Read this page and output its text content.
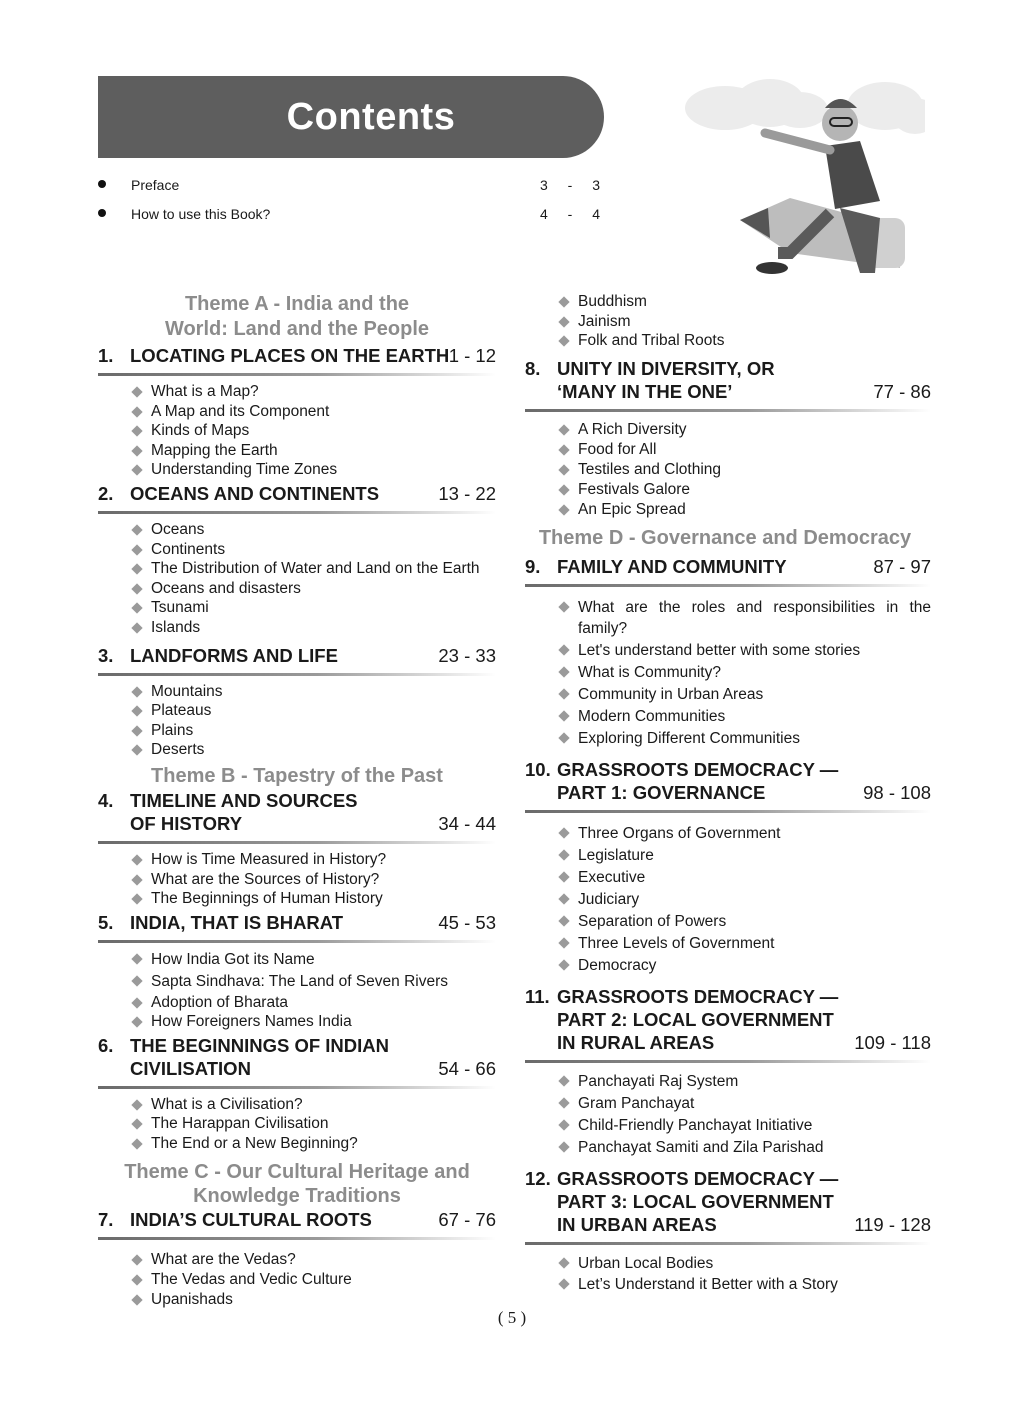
Contents
Preface	3 - 3
How to use this Book?	4 - 4
Theme A - India and the
World: Land and the People
1. LOCATING PLACES ON THE EARTH 1 - 12
What is a Map?
A Map and its Component
Kinds of Maps
Mapping the Earth
Understanding Time Zones
2. OCEANS AND CONTINENTS	13 - 22
Oceans
Continents
The Distribution of Water and Land on the Earth
Oceans and disasters
Tsunami
Islands
3. LANDFORMS AND LIFE	23 - 33
Mountains
Plateaus
Plains
Deserts
Theme B - Tapestry of the Past
4. TIMELINE AND SOURCES
OF HISTORY	34 - 44
How is Time Measured in History?
What are the Sources of History?
The Beginnings of Human History
5. INDIA, THAT IS BHARAT	45 - 53
How India Got its Name
Sapta Sindhava: The Land of Seven Rivers
Adoption of Bharata
How Foreigners Names India
6. THE BEGINNINGS OF INDIAN
CIVILISATION	54 - 66
What is a Civilisation?
The Harappan Civilisation
The End or a New Beginning?
Theme C - Our Cultural Heritage and
Knowledge Traditions
7. INDIA’S CULTURAL ROOTS	67 - 76
What are the Vedas?
The Vedas and Vedic Culture
Upanishads
Buddhism
Jainism
Folk and Tribal Roots
8. UNITY IN DIVERSITY, OR
‘MANY IN THE ONE’	77 - 86
A Rich Diversity
Food for All
Testiles and Clothing
Festivals Galore
An Epic Spread
Theme D - Governance and Democracy
9. FAMILY AND COMMUNITY	87 - 97
What are the roles and responsibilities in the family?
Let's understand better with some stories
What is Community?
Community in Urban Areas
Modern Communities
Exploring Different Communities
10. GRASSROOTS DEMOCRACY —
PART 1: GOVERNANCE	98 - 108
Three Organs of Government
Legislature
Executive
Judiciary
Separation of Powers
Three Levels of Government
Democracy
11. GRASSROOTS DEMOCRACY —
PART 2: LOCAL GOVERNMENT
IN RURAL AREAS	109 - 118
Panchayati Raj System
Gram Panchayat
Child-Friendly Panchayat Initiative
Panchayat Samiti and Zila Parishad
12. GRASSROOTS DEMOCRACY —
PART 3: LOCAL GOVERNMENT
IN URBAN AREAS	119 - 128
Urban Local Bodies
Let’s Understand it Better with a Story
( 5 )
